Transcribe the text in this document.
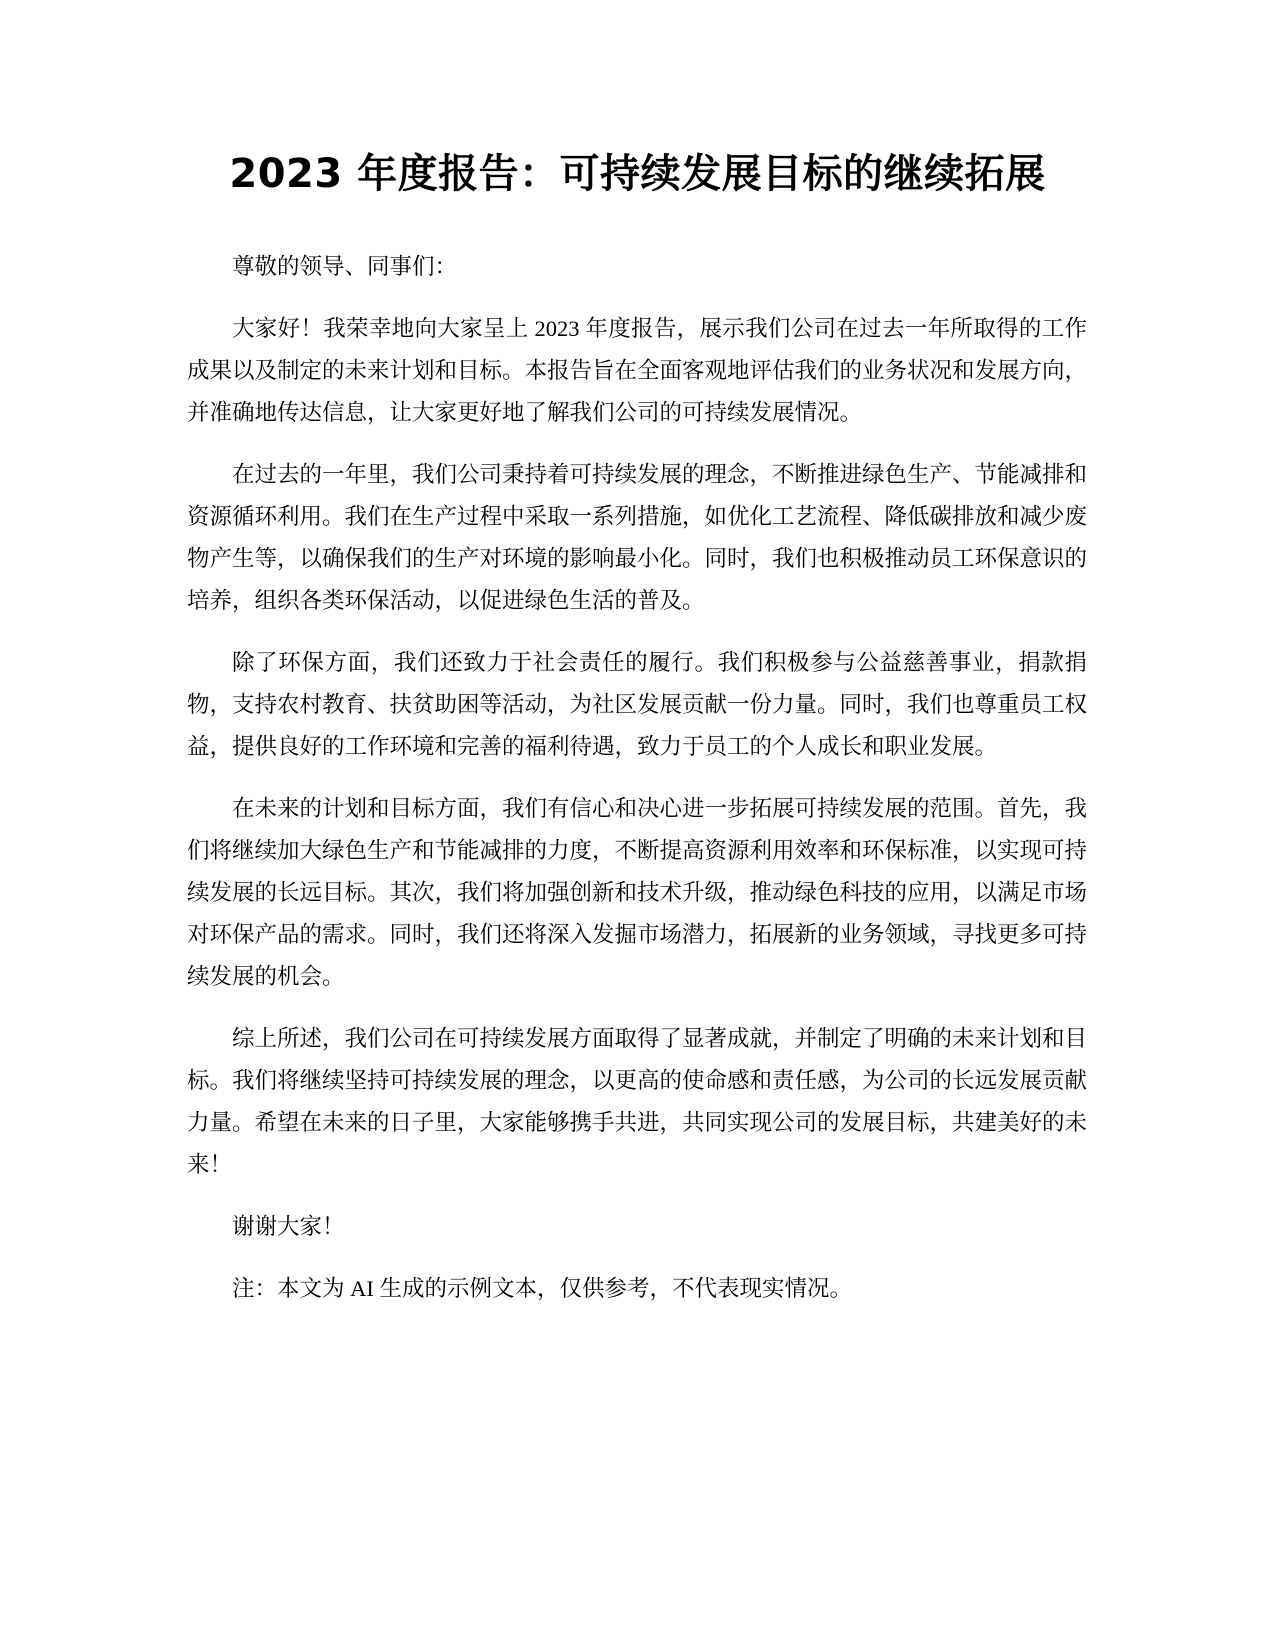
2023 年度报告：可持续发展目标的继续拓展

尊敬的领导、同事们：

大家好！我荣幸地向大家呈上 2023 年度报告，展示我们公司在过去一年所取得的工作成果以及制定的未来计划和目标。本报告旨在全面客观地评估我们的业务状况和发展方向，并准确地传达信息，让大家更好地了解我们公司的可持续发展情况。

在过去的一年里，我们公司秉持着可持续发展的理念，不断推进绿色生产、节能减排和资源循环利用。我们在生产过程中采取一系列措施，如优化工艺流程、降低碳排放和减少废物产生等，以确保我们的生产对环境的影响最小化。同时，我们也积极推动员工环保意识的培养，组织各类环保活动，以促进绿色生活的普及。

除了环保方面，我们还致力于社会责任的履行。我们积极参与公益慈善事业，捐款捐物，支持农村教育、扶贫助困等活动，为社区发展贡献一份力量。同时，我们也尊重员工权益，提供良好的工作环境和完善的福利待遇，致力于员工的个人成长和职业发展。

在未来的计划和目标方面，我们有信心和决心进一步拓展可持续发展的范围。首先，我们将继续加大绿色生产和节能减排的力度，不断提高资源利用效率和环保标准，以实现可持续发展的长远目标。其次，我们将加强创新和技术升级，推动绿色科技的应用，以满足市场对环保产品的需求。同时，我们还将深入发掘市场潜力，拓展新的业务领域，寻找更多可持续发展的机会。

综上所述，我们公司在可持续发展方面取得了显著成就，并制定了明确的未来计划和目标。我们将继续坚持可持续发展的理念，以更高的使命感和责任感，为公司的长远发展贡献力量。希望在未来的日子里，大家能够携手共进，共同实现公司的发展目标，共建美好的未来！

谢谢大家！

注：本文为 AI 生成的示例文本，仅供参考，不代表现实情况。
